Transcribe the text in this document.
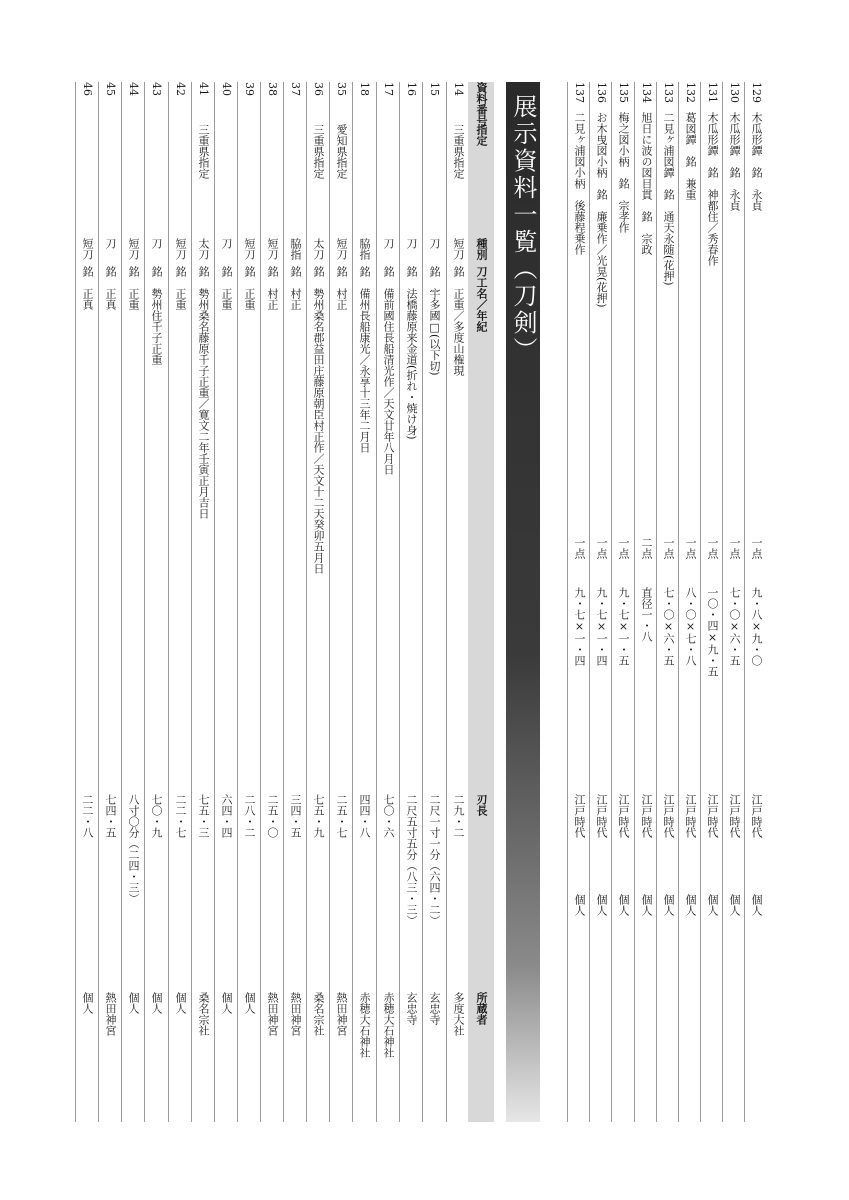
展示資料一覧（刀剣）
129
木瓜形鐔　銘　永貞
一点
九・八×九・〇
江戸時代
個人
130
木瓜形鐔　銘　永貞
一点
七・〇×六・五
江戸時代
個人
131
木瓜形鐔　銘　神都住／秀春作
一点
一〇・四×九・五
江戸時代
個人
132
葛図鐔　銘　兼重
一点
八・〇×七・八
江戸時代
個人
133
二見ヶ浦図鐔　銘　通天永随(花押)
一点
七・〇×六・五
江戸時代
個人
134
旭日に波の図目貫　銘　宗政
二点
直径一・八
江戸時代
個人
135
梅之図小柄　銘　宗孝作
一点
九・七×一・五
江戸時代
個人
136
お木曳図小柄　銘　廉乗作／光晃(花押)
一点
九・七×一・四
江戸時代
個人
137
二見ヶ浦図小柄　後藤程乗作
一点
九・七×一・四
江戸時代
個人
資料番号
指定
種別
刀工名／年紀
刃長
所蔵者
14
三重県指定
短刀
銘　正重／多度山権現
二九・二
多度大社
15
刀
銘　宇多國□(以下切)
二尺一寸一分（六四・二）
玄忠寺
16
刀
銘　法橋藤原来金道(折れ・焼け身)
二尺五寸五分（八三・三）
玄忠寺
17
刀
銘　備前國住長船清光作／天文廿年八月日
七〇・六
赤穂大石神社
18
脇指
銘　備州長船康光／永享十三年二月日
四四・八
赤穂大石神社
35
愛知県指定
短刀
銘　村正
二五・七
熱田神宮
36
三重県指定
太刀
銘　勢州桑名郡益田庄藤原朝臣村正作／天文十二天癸卯五月日
七五・九
桑名宗社
37
脇指
銘　村正
三四・五
熱田神宮
38
短刀
銘　村正
二五・〇
熱田神宮
39
短刀
銘　正重
二八・二
個人
40
刀
銘　正重
六四・四
個人
41
三重県指定
太刀
銘　勢州桑名藤原千子正重／寛文二年壬寅正月吉日
七五・三
桑名宗社
42
短刀
銘　正重
二二・七
個人
43
刀
銘　勢州住千子正重
七〇・九
個人
44
短刀
銘　正重
八寸〇分（二四・三）
個人
45
刀
銘　正真
七四・五
熱田神宮
46
短刀
銘　正真
二二・八
個人
